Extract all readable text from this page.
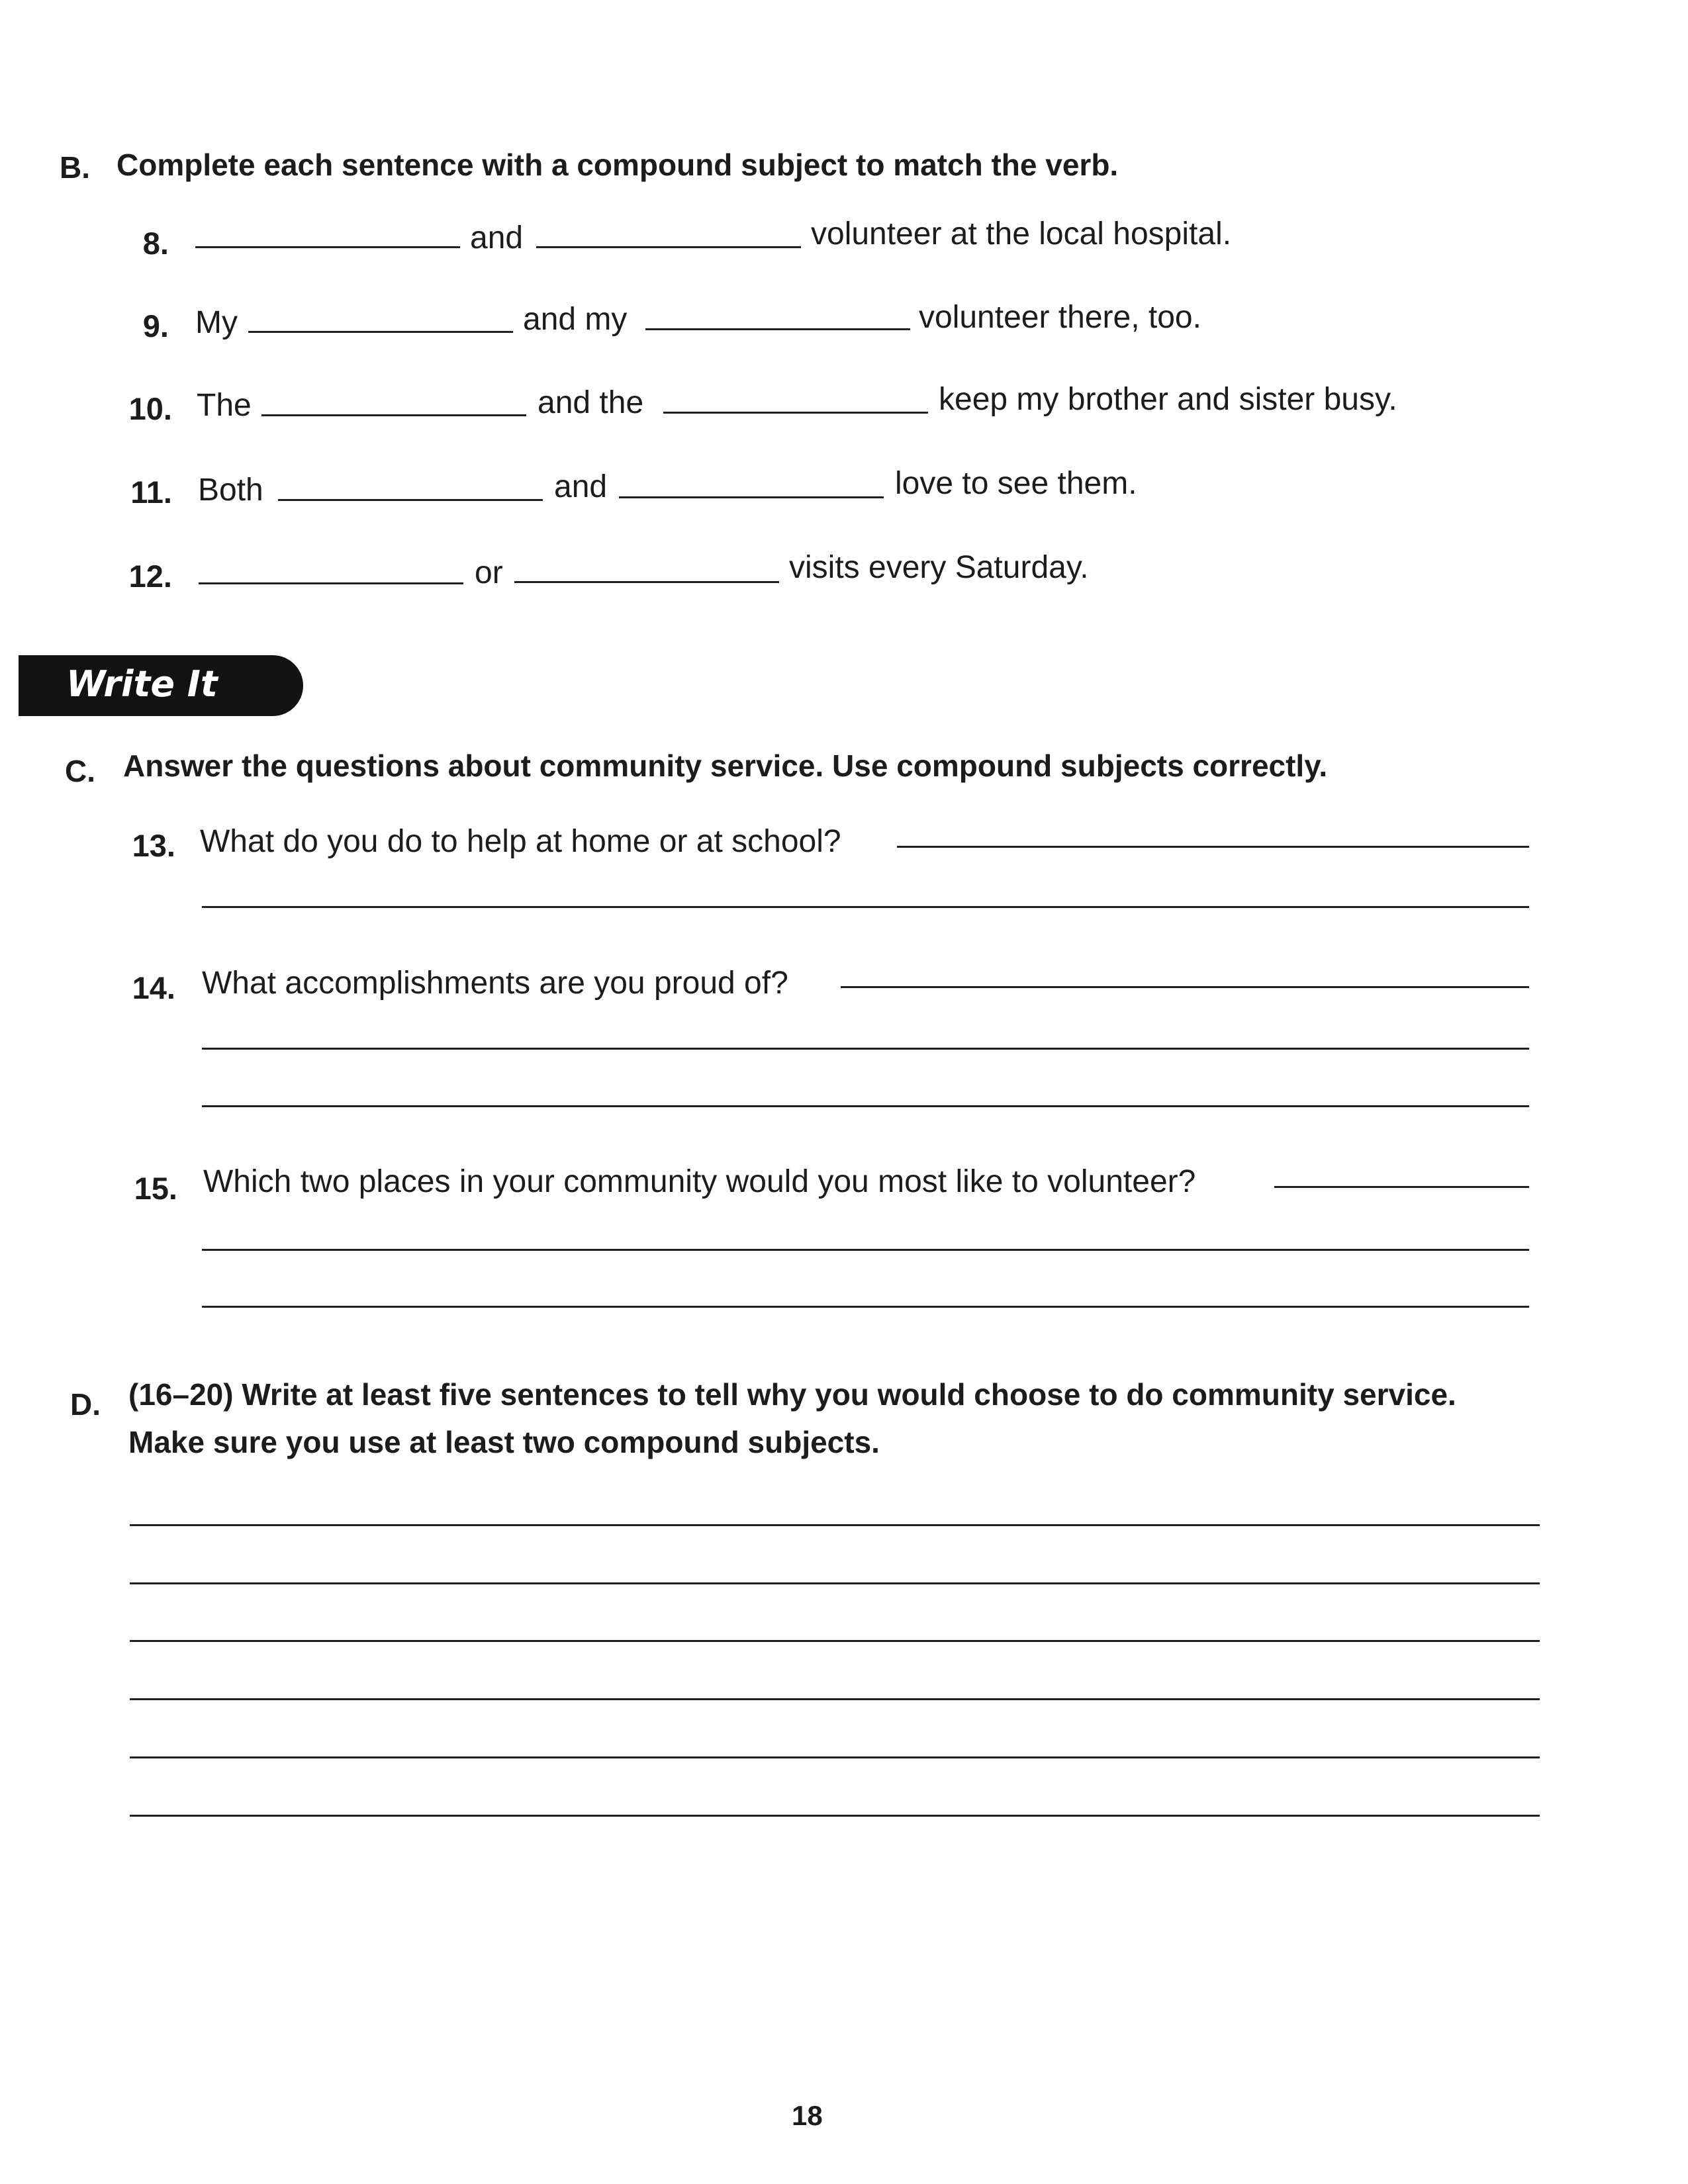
B. Complete each sentence with a compound subject to match the verb.
8.	and	volunteer at the local hospital.
9. My	and my	volunteer there, too.
10. The	and the	keep my brother and sister busy.
11. Both	and	love to see them.
12.	or	visits every Saturday.
Write It
C. Answer the questions about community service. Use compound subjects correctly.
13. What do you do to help at home or at school?
14. What accomplishments are you proud of?
15. Which two places in your community would you most like to volunteer?
D. (16–20) Write at least five sentences to tell why you would choose to do community service.
Make sure you use at least two compound subjects.
18
